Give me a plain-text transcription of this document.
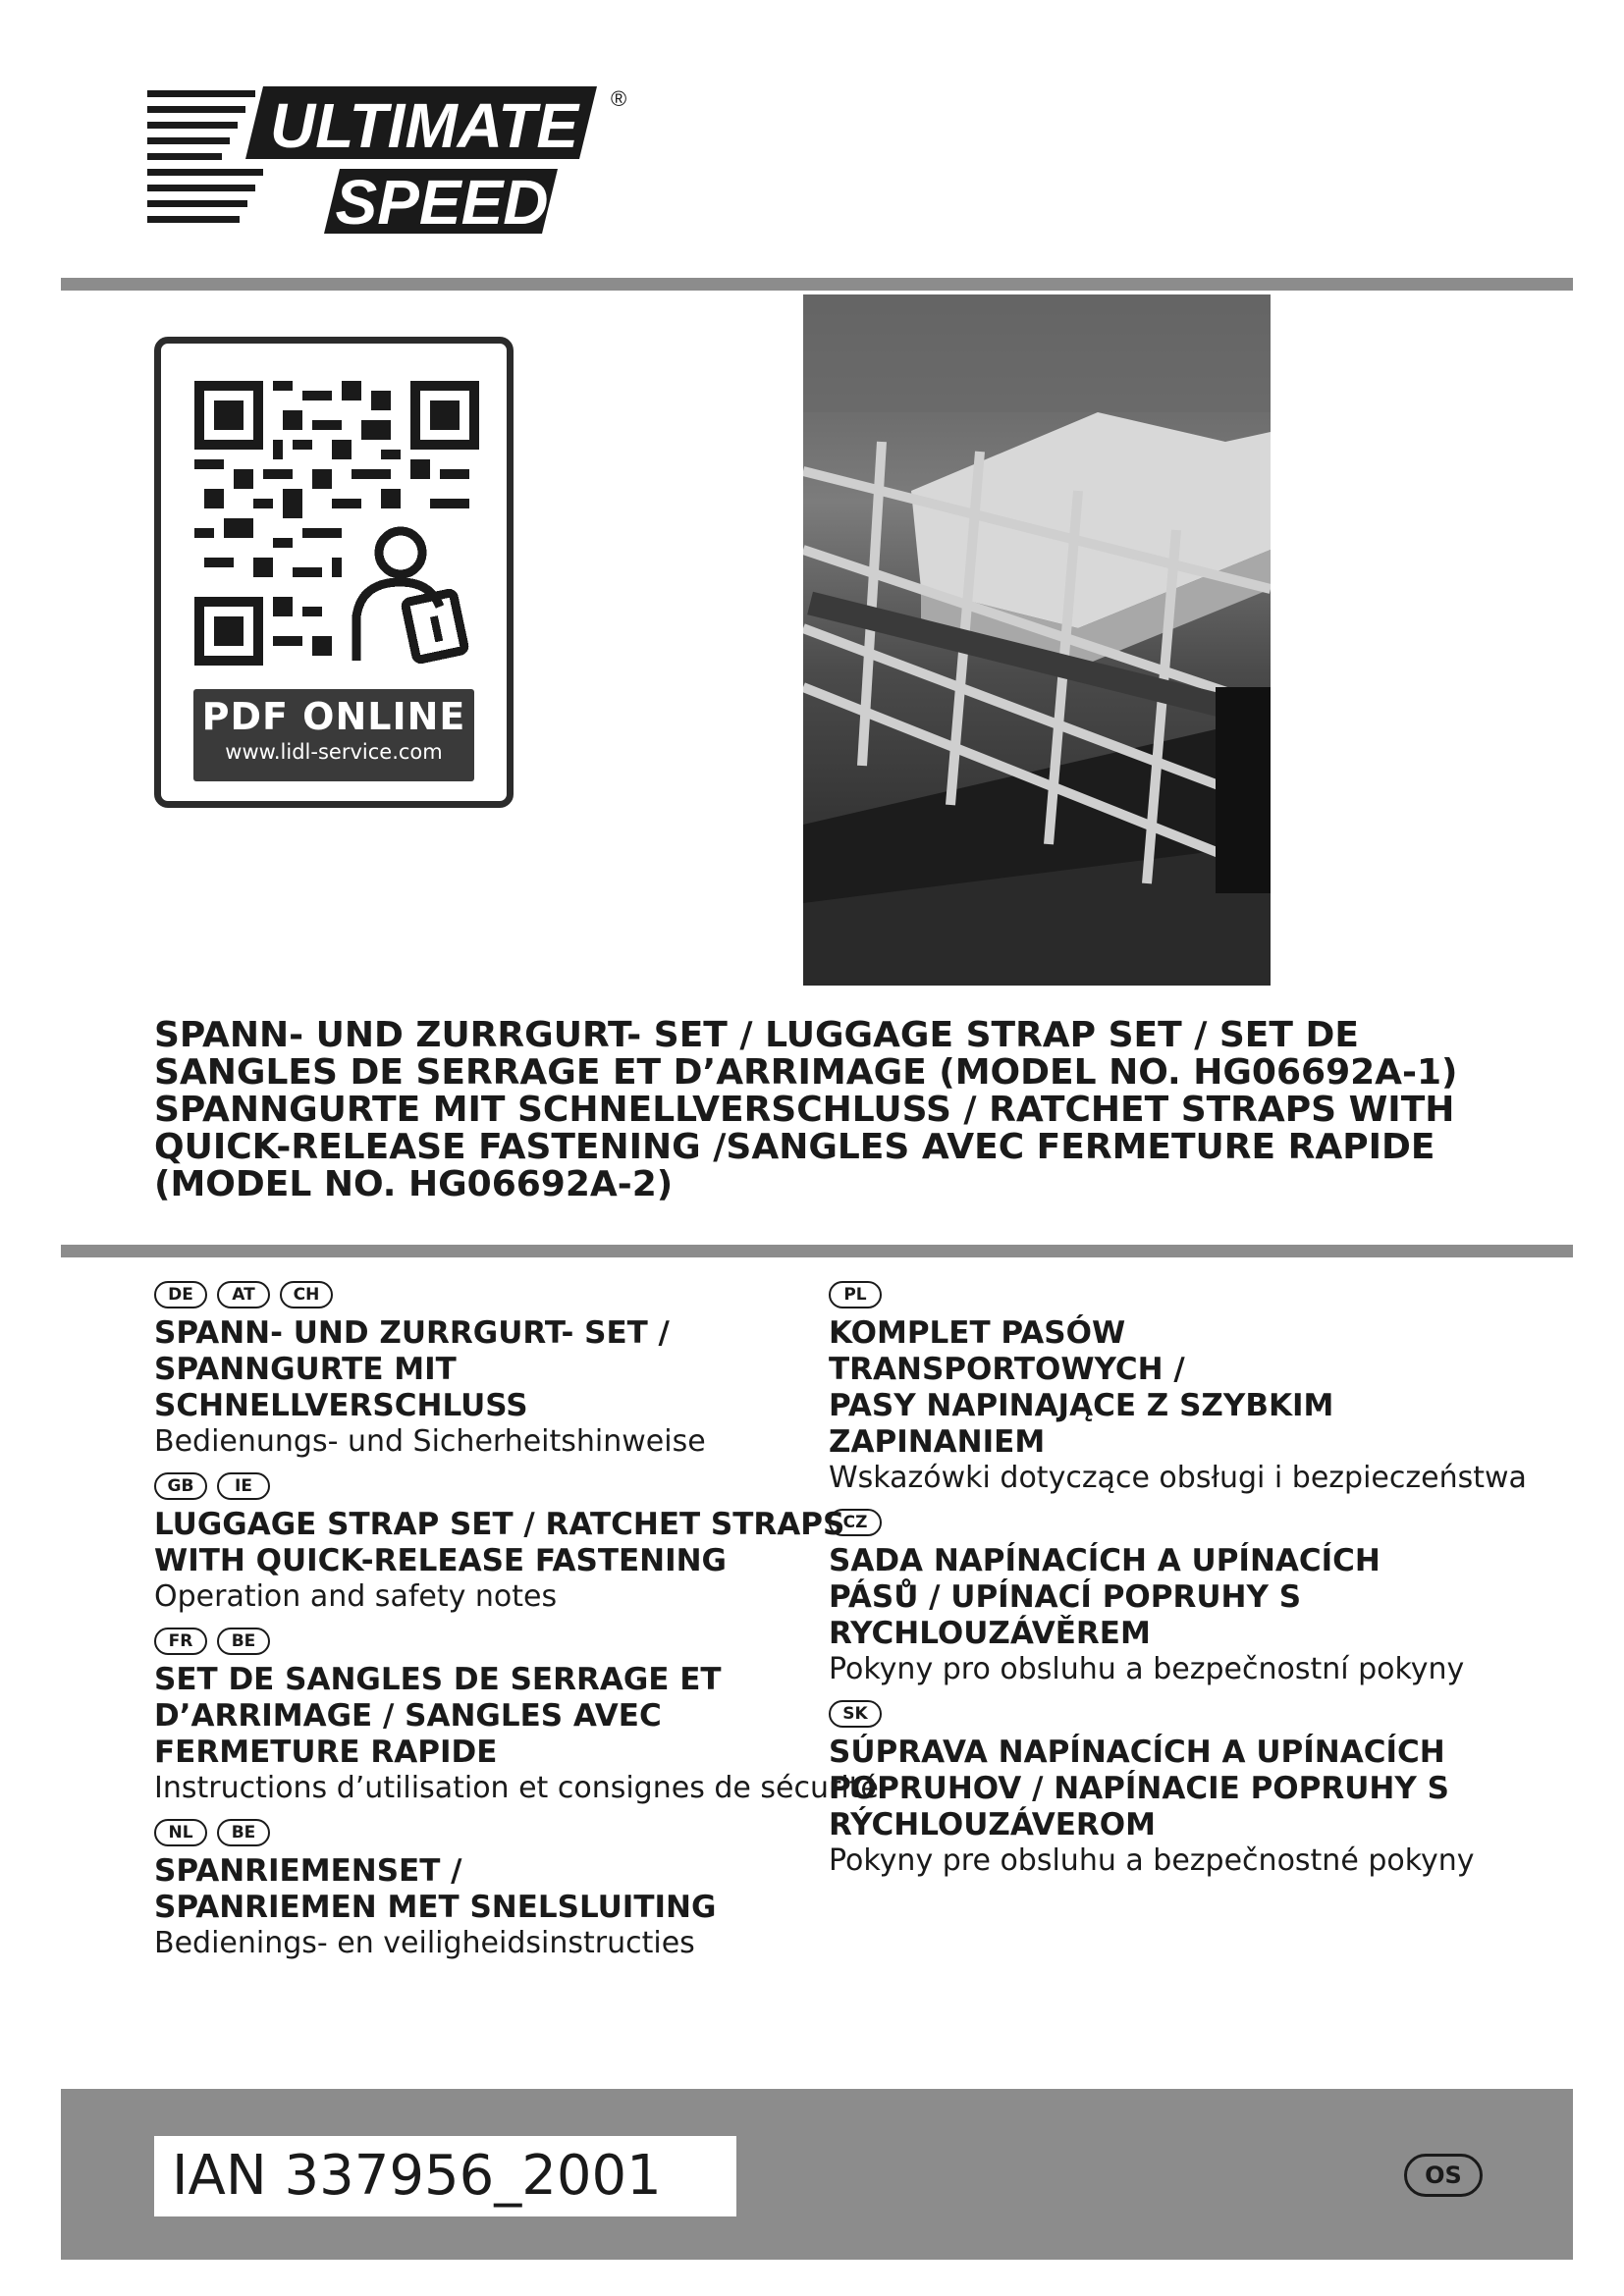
ULTIMATE
SPEED
®
PDF ONLINE
www.lidl-service.com
SPANN- UND ZURRGURT- SET / LUGGAGE STRAP SET / SET DE
SANGLES DE SERRAGE ET D’ARRIMAGE (MODEL NO. HG06692A-1)
SPANNGURTE MIT SCHNELLVERSCHLUSS / RATCHET STRAPS WITH
QUICK-RELEASE FASTENING /SANGLES AVEC FERMETURE RAPIDE
(MODEL NO. HG06692A-2)
DE	AT	CH
SPANN- UND ZURRGURT- SET /
SPANNGURTE MIT
SCHNELLVERSCHLUSS
Bedienungs- und Sicherheitshinweise
GB	IE
LUGGAGE STRAP SET / RATCHET STRAPS
WITH QUICK-RELEASE FASTENING
Operation and safety notes
FR	BE
SET DE SANGLES DE SERRAGE ET
D’ARRIMAGE / SANGLES AVEC
FERMETURE RAPIDE
Instructions d’utilisation et consignes de sécurité
NL	BE
SPANRIEMENSET /
SPANRIEMEN MET SNELSLUITING
Bedienings- en veiligheidsinstructies
PL
KOMPLET PASÓW
TRANSPORTOWYCH /
PASY NAPINAJĄCE Z SZYBKIM
ZAPINANIEM
Wskazówki dotyczące obsługi i bezpieczeństwa
CZ
SADA NAPÍNACÍCH A UPÍNACÍCH
PÁSŮ / UPÍNACÍ POPRUHY S
RYCHLOUZÁVĚREM
Pokyny pro obsluhu a bezpečnostní pokyny
SK
SÚPRAVA NAPÍNACÍCH A UPÍNACÍCH
POPRUHOV / NAPÍNACIE POPRUHY S
RÝCHLOUZÁVEROM
Pokyny pre obsluhu a bezpečnostné pokyny
IAN 337956_2001	OS
